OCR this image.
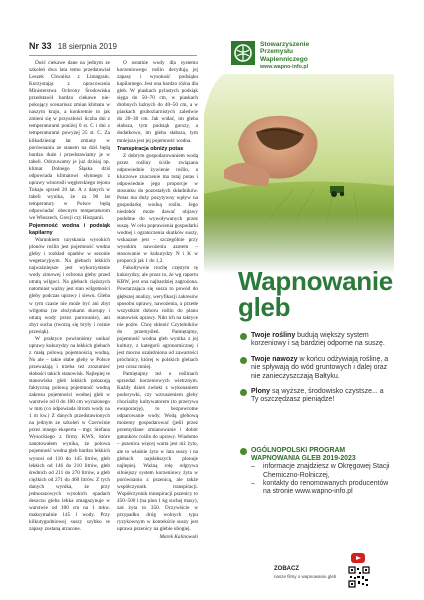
Nr 33 18 sierpnia 2019

Dość ciekawe dane na jednym ze szkoleń dwa lata temu przedstawiał Leszek Chwalisz z Limagrain. Korzystając z opracowania Ministerstwa Ochrony Środowiska przedstawił bardzo ciekawe nie-pokojący scenariusz zmian klimatu w naszym kraju, a konkretnie to jak zmieni się w przyszłości liczba dni z temperaturami poniżej 0 st. C i dni z temperaturami powyżej 25 st. C. Za kilkadziesiąt lat zmiany w porównaniu ze stanem na dziś będą bardzo duże i przedstawiamy je w tabeli. Odczuwamy je już dzisiaj np. klimat Dolnego Śląska dziś odpowiada klimatowi słynnego z uprawy winorośli węgierskiego rejonu Tokaju sprzed 20 lat. A z danych w tabeli wynika, że za 90 lat temperatury w Polsce będą odpowiadać obecnym temperaturom we Włoszech, Grecji czy Hiszpanii.

Pojemność wodna i podsiąk kapilarny

Warunkiem uzyskania wysokich plonów roślin jest pojemność wodna gleby i rozkład opadów w sezonie wegetacyjnym. Na glebach lekkich najważniejsze jest wykorzystanie wody zimowej i ochrona gleby przed utratą wilgoci. Na glebach cięższych natomiast ważny jest stan wilgotności gleby podczas uprawy i siewu. Gleba w tym czasie nie może być ani zbyt wilgotna (ze złożyskami skorupy i utratą wody przez parowanie), ani zbyt sucha (tworzą się bryły i rośnie przesiąk).

W praktyce powinniśmy unikać uprawy kukurydzy na lekkich glebach z małą polową pojemnością wodną. No ale – takie słabe gleby w Polsce przeważają i trzeba też zrozumieć słabości takich stanowisk. Najlepiej te stanowiska gleb lekkich pokazują faktyczną polową pojemność wodną zakresu pojemności wodnej gleb w warstwie od 0 do 100 cm wyrażonego w mm (co odpowiada litrom wody na 1 m kw.) Z danych przedstawionych na jednym ze szkoleń w Czerwinie przez innego eksperta – mgr. Stefana Wysockiego z firmy KWS, które zanotowałem wynika, że polowa pojemność wodna gleb bardzo lekkich wynosi od 110 do 145 litrów, gleb lekkich od 146 do 210 litrów, gleb średnich od 211 do 270 litrów, a gleb ciężkich od 271 do 460 litrów. Z tych danych wynika, że przy jednorazowych wysokich opadach deszczu gleba lekka zmagazynuje w warstwie od 100 cm na 1 mkw. maksymalnie 145 l wody. Przy kilkutygodniowej suszy szybko te zapasy zostaną utracone.

O ostatnie wody dla systemu korzeniowego roślin decydują jej zapasy i wysokość podsiąku kapilarnego. Jest ona bardzo różna dla gleb. W piaskach pylastych podsiąk sięga do 50–70 cm, w piaskach drobnych luźnych do 40–50 cm, a w piaskach gruboziarnistych zaledwie do 20–30 cm. Jak widać, im gleba słabsza, tym podsiąk gorszy, a dodatkowo, im gleba słabsza, tym mniejsza jest jej pojemność wodna.

Transpiracja obniży potas

Z dobrym gospodarowaniem wodą przez rośliny ściśle związana odpowiednie żywienie roślin, a kluczowe znaczenie ma tutaj potas i odpowiednie jego proporcje w stosunku do pozostałych składników. Potas ma duży pozytywny wpływ na gospodarkę wodną roślin. Jego niedobór może dawać objawy podobne do wywoływanych przez suszę. W celu poprawienia gospodarki wodnej i ograniczenia skutków suszy, wskazane jest – szczególnie przy wysokim nawożeniu azotem – stosowanie w kukurydzy N i K w proporcji jak 1 do 1,2.

Fakultywnie trochę częstym tę kukurydzy, ale przez to, że wg raportu KBW, jest ona najbardziej zagrożona. Powtarzająca się susza to powód do głębszej analizy, weryfikacji zakresów sposobu uprawy, nawożenia, a przede wszystkim doboru roślin do planu stanowisk uprawy. Nikt ich na taktyce nie pożre. Chcę skłonić Czytelników do przemyśleń. Pamiętajmy, pojemność wodna gleb wynika z jej kultury, z kategorii agronomicznej i jest mocno uzależniona od zawartości próchnicy, której w polskich glebach jest coraz mniej.

Pamiętajmy też o roślinach sprzedaż korzeniowych wietrznym. Kaźdy dzień zwłoki z wykonaniem podorywki, czy wzruszeniem gleby chociażby kultywatorem (to przerywa ewaporację), to bezpowrotne odparowanie wody. Wodą glebową możemy gospodarować (jeśli przez przemyślane zmianowanie i dobór gatunków roślin do uprawy. Wiadomo – pszenica więcej warta jest niż żyto, ale to właśnie żyto w lata suszy i na glebach najsłabszych plonuje najlepiej. Ważną rolę odgrywa silniejszy system korzeniowy żyta w porównaniu z pszenicą, ale także współczynnik transpiracji. Współczynnik transpiracji pszenicy to 450–500 l (na plon 1 kg suchej masy), zaś żyta to 350. Oczywiście w przypadku dróg wolnych typu ryzykownym w kontekście suszy jest uprawa pszenicy na glebie ubogiej.

Marek Kalinowski

Stowarzyszenie
Przemysłu
Wapienniczego
www.wapno-info.pl
Wapnowanie
gleb
Twoje rośliny budują większy system korzeniowy i są bardziej odporne na suszę.
Twoje nawozy w końcu odżywiają roślinę, a nie spływają do wód gruntowych i dalej oraz nie zanieczyszczają Bałtyku.
Plony są wyższe, środowisko czystsze... a Ty oszczędzasz pieniądze!
OGÓLNOPOLSKI PROGRAM WAPNOWANIA GLEB 2019-2023
– informacje znajdziesz w Okręgowej Stacji Chemiczno-Rolniczej,
– kontakty do renomowanych producentów na stronie www.wapno-info.pl
ZOBACZ
nasze filmy o wapnowaniu gleb
